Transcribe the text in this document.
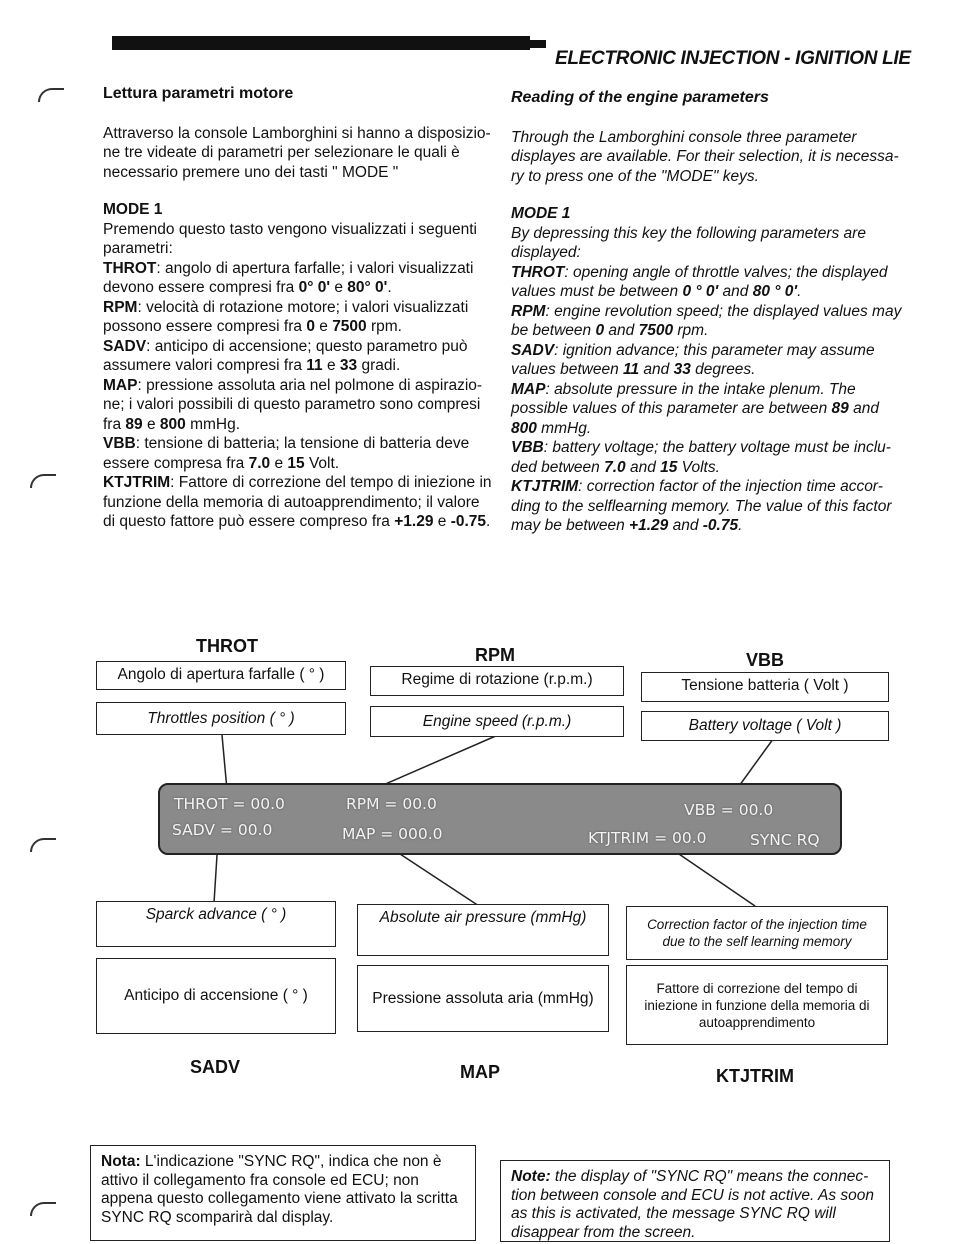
ELECTRONIC INJECTION - IGNITION LIE
Lettura parametri motore
Attraverso la console Lamborghini si hanno a disposizio-ne tre videate di parametri per selezionare le quali è necessario premere uno dei tasti " MODE "
MODE 1
Premendo questo tasto vengono visualizzati i seguenti parametri:
THROT: angolo di apertura farfalle; i valori visualizzati devono essere compresi fra 0° 0' e 80° 0'.
RPM: velocità di rotazione motore; i valori visualizzati possono essere compresi fra 0 e 7500 rpm.
SADV: anticipo di accensione; questo parametro può assumere valori compresi fra 11 e 33 gradi.
MAP: pressione assoluta aria nel polmone di aspirazio-ne; i valori possibili di questo parametro sono compresi fra 89 e 800 mmHg.
VBB: tensione di batteria; la tensione di batteria deve essere compresa fra 7.0 e 15 Volt.
KTJTRIM: Fattore di correzione del tempo di iniezione in funzione della memoria di autoapprendimento; il valore di questo fattore può essere compreso fra +1.29 e -0.75.
Reading of the engine parameters
Through the Lamborghini console three parameter displayes are available. For their selection, it is necessa-ry to press one of the "MODE" keys.
MODE 1
By depressing this key the following parameters are displayed:
THROT: opening angle of throttle valves; the displayed values must be between 0 ° 0' and 80 ° 0'.
RPM: engine revolution speed; the displayed values may be between 0 and 7500 rpm.
SADV: ignition advance; this parameter may assume values between 11 and 33 degrees.
MAP: absolute pressure in the intake plenum. The possible values of this parameter are between 89 and 800 mmHg.
VBB: battery voltage; the battery voltage must be inclu-ded between 7.0 and 15 Volts.
KTJTRIM: correction factor of the injection time accor-ding to the selflearning memory. The value of this factor may be between +1.29 and -0.75.
THROT	RPM	VBB
Angolo di apertura farfalle ( ° )
Throttles position ( ° )
Regime di rotazione (r.p.m.)
Engine speed (r.p.m.)
Tensione batteria ( Volt )
Battery voltage ( Volt )
THROT = 00.0	RPM = 00.0	VBB = 00.0
SADV = 00.0	MAP = 000.0	KTJTRIM = 00.0	SYNC RQ
Sparck advance ( ° )
Anticipo di accensione ( ° )
Absolute air pressure (mmHg)
Pressione assoluta aria (mmHg)
Correction factor of the injection time due to the self learning memory
Fattore di correzione del tempo di iniezione in funzione della memoria di autoapprendimento
SADV	MAP	KTJTRIM
Nota: L'indicazione "SYNC RQ", indica che non è attivo il collegamento fra console ed ECU; non appena questo collegamento viene attivato la scritta SYNC RQ scomparirà dal display.
Note: the display of "SYNC RQ" means the connec-tion between console and ECU is not active. As soon as this is activated, the message SYNC RQ will disappear from the screen.
